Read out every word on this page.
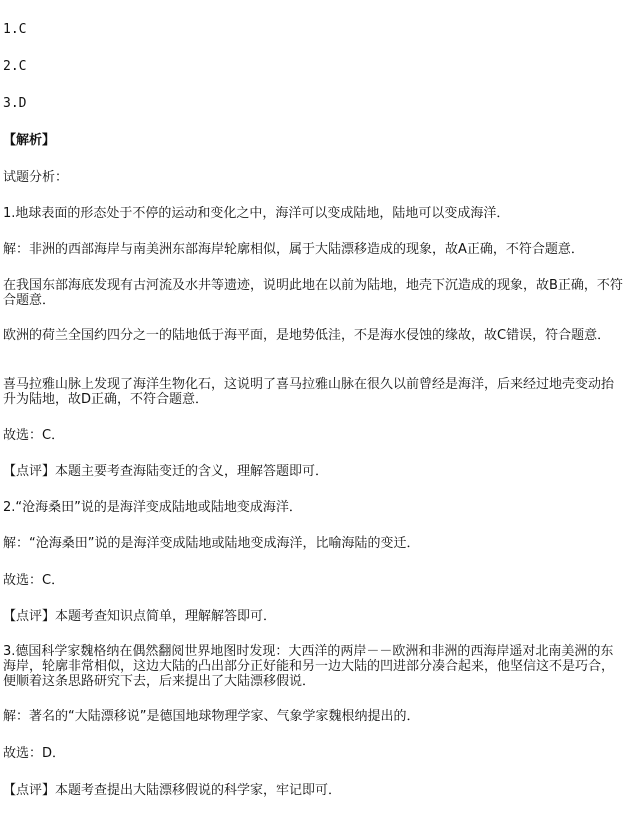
1.C
2.C
3.D
【解析】
试题分析：
1.地球表面的形态处于不停的运动和变化之中，海洋可以变成陆地，陆地可以变成海洋．
解：非洲的西部海岸与南美洲东部海岸轮廓相似，属于大陆漂移造成的现象，故A正确，不符合题意．
在我国东部海底发现有古河流及水井等遗迹，说明此地在以前为陆地，地壳下沉造成的现象，故B正确，不符合题意．
欧洲的荷兰全国约四分之一的陆地低于海平面，是地势低洼，不是海水侵蚀的缘故，故C错误，符合题意．
喜马拉雅山脉上发现了海洋生物化石，这说明了喜马拉雅山脉在很久以前曾经是海洋，后来经过地壳变动抬升为陆地，故D正确，不符合题意．
故选：C．
【点评】本题主要考查海陆变迁的含义，理解答题即可．
2.“沧海桑田”说的是海洋变成陆地或陆地变成海洋．
解：“沧海桑田”说的是海洋变成陆地或陆地变成海洋，比喻海陆的变迁．
故选：C．
【点评】本题考查知识点简单，理解解答即可．
3.德国科学家魏格纳在偶然翻阅世界地图时发现：大西洋的两岸－－欧洲和非洲的西海岸遥对北南美洲的东海岸，轮廓非常相似，这边大陆的凸出部分正好能和另一边大陆的凹进部分凑合起来，他坚信这不是巧合，便顺着这条思路研究下去，后来提出了大陆漂移假说．
解：著名的“大陆漂移说”是德国地球物理学家、气象学家魏根纳提出的．
故选：D．
【点评】本题考查提出大陆漂移假说的科学家，牢记即可．
